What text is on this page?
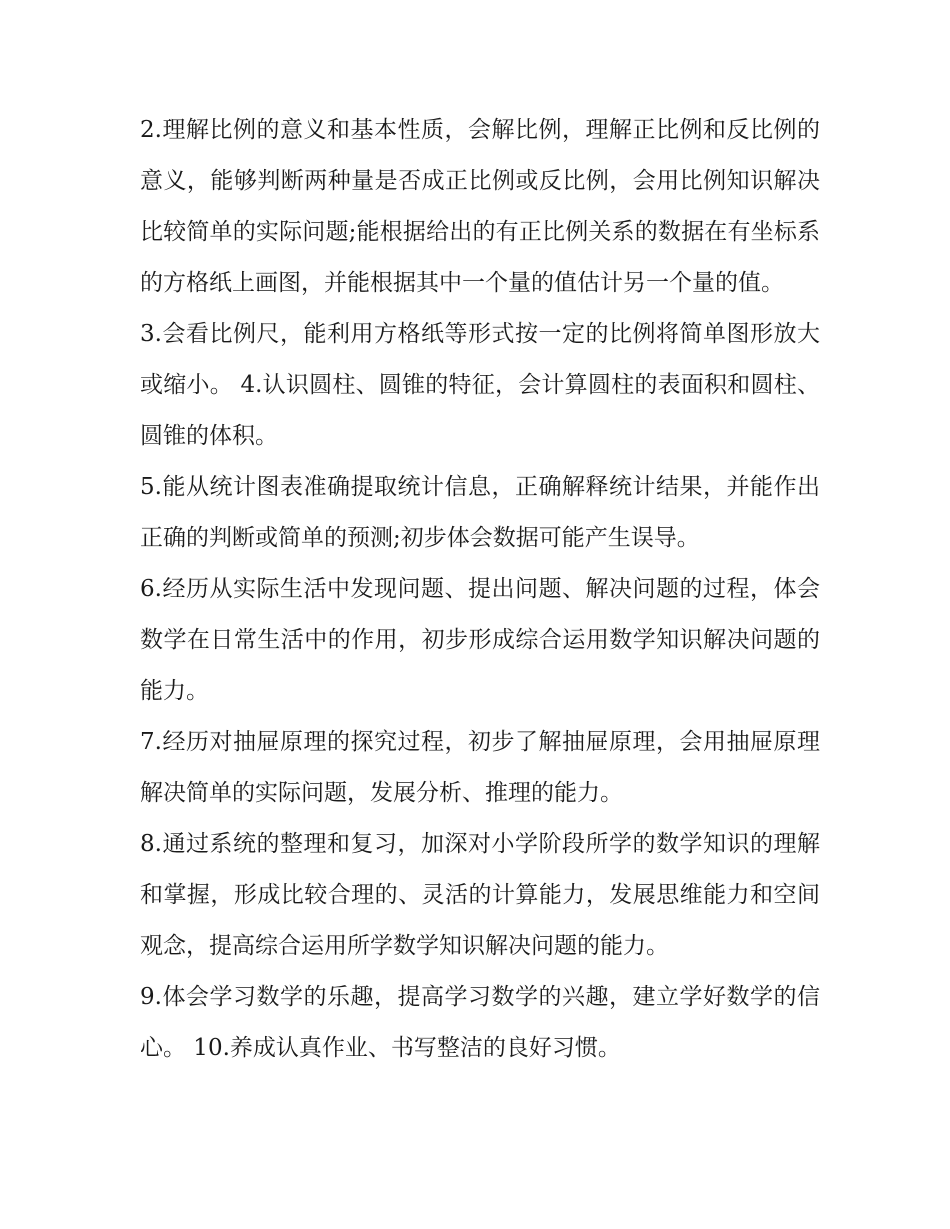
2.理解比例的意义和基本性质，会解比例，理解正比例和反比例的意义，能够判断两种量是否成正比例或反比例，会用比例知识解决比较简单的实际问题;能根据给出的有正比例关系的数据在有坐标系的方格纸上画图，并能根据其中一个量的值估计另一个量的值。

3.会看比例尺，能利用方格纸等形式按一定的比例将简单图形放大或缩小。 4.认识圆柱、圆锥的特征，会计算圆柱的表面积和圆柱、圆锥的体积。

5.能从统计图表准确提取统计信息，正确解释统计结果，并能作出正确的判断或简单的预测;初步体会数据可能产生误导。

6.经历从实际生活中发现问题、提出问题、解决问题的过程，体会数学在日常生活中的作用，初步形成综合运用数学知识解决问题的能力。

7.经历对抽屉原理的探究过程，初步了解抽屉原理，会用抽屉原理解决简单的实际问题，发展分析、推理的能力。

8.通过系统的整理和复习，加深对小学阶段所学的数学知识的理解和掌握，形成比较合理的、灵活的计算能力，发展思维能力和空间观念，提高综合运用所学数学知识解决问题的能力。

9.体会学习数学的乐趣，提高学习数学的兴趣，建立学好数学的信心。 10.养成认真作业、书写整洁的良好习惯。
